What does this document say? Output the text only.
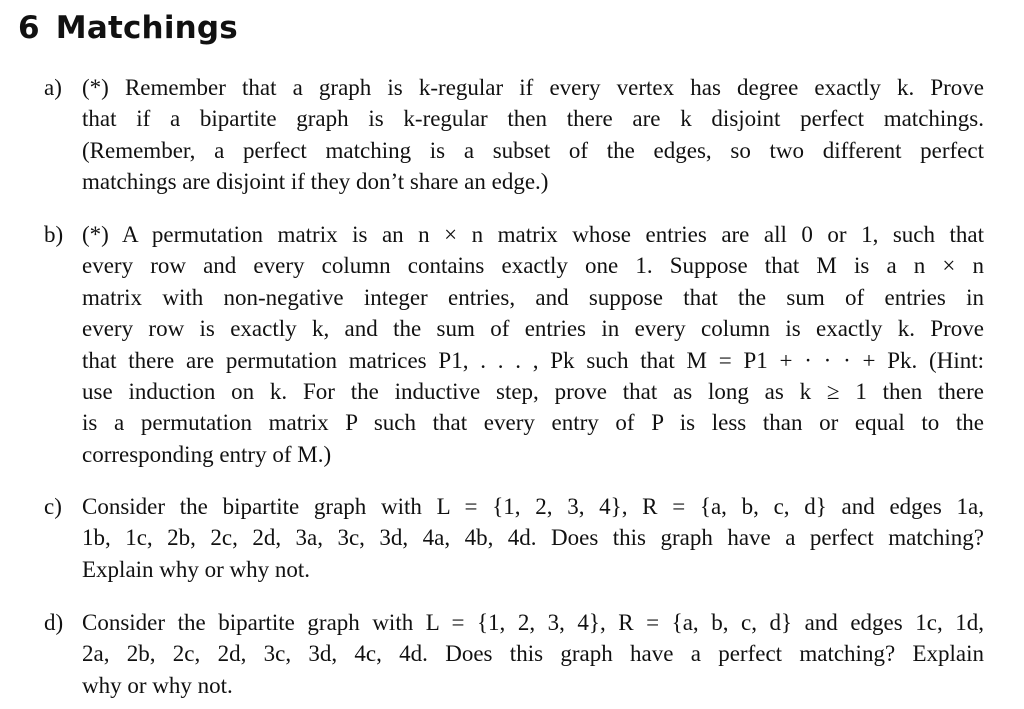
6 Matchings
a) (*) Remember that a graph is k-regular if every vertex has degree exactly k. Prove
that if a bipartite graph is k-regular then there are k disjoint perfect matchings.
(Remember, a perfect matching is a subset of the edges, so two different perfect
matchings are disjoint if they don’t share an edge.)
b) (*) A permutation matrix is an n × n matrix whose entries are all 0 or 1, such that
every row and every column contains exactly one 1. Suppose that M is a n × n
matrix with non-negative integer entries, and suppose that the sum of entries in
every row is exactly k, and the sum of entries in every column is exactly k. Prove
that there are permutation matrices P1, . . . , Pk such that M = P1 + · · · + Pk. (Hint:
use induction on k. For the inductive step, prove that as long as k ≥ 1 then there
is a permutation matrix P such that every entry of P is less than or equal to the
corresponding entry of M.)
c) Consider the bipartite graph with L = {1, 2, 3, 4}, R = {a, b, c, d} and edges 1a,
1b, 1c, 2b, 2c, 2d, 3a, 3c, 3d, 4a, 4b, 4d. Does this graph have a perfect matching?
Explain why or why not.
d) Consider the bipartite graph with L = {1, 2, 3, 4}, R = {a, b, c, d} and edges 1c, 1d,
2a, 2b, 2c, 2d, 3c, 3d, 4c, 4d. Does this graph have a perfect matching? Explain
why or why not.
